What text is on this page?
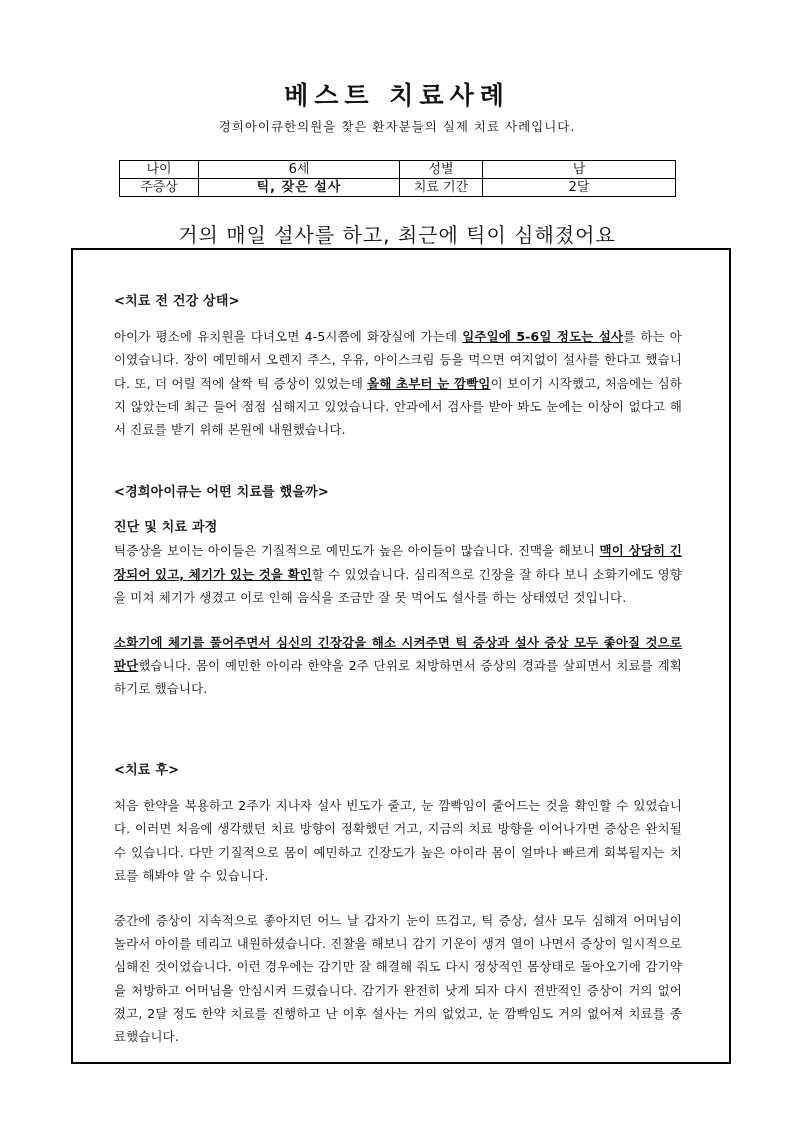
베스트 치료사례
경희아이큐한의원을 찾은 환자분들의 실제 치료 사례입니다.
나이	6세	성별	남
주증상	틱, 잦은 설사	치료 기간	2달
거의 매일 설사를 하고, 최근에 틱이 심해졌어요

<치료 전 건강 상태>

아이가 평소에 유치원을 다녀오면 4-5시쯤에 화장실에 가는데 일주일에 5-6일 정도는 설사를 하는 아이였습니다. 장이 예민해서 오렌지 주스, 우유, 아이스크림 등을 먹으면 여지없이 설사를 한다고 했습니다. 또, 더 어릴 적에 살짝 틱 증상이 있었는데 올해 초부터 눈 깜빡임이 보이기 시작했고, 처음에는 심하지 않았는데 최근 들어 점점 심해지고 있었습니다. 안과에서 검사를 받아 봐도 눈에는 이상이 없다고 해서 진료를 받기 위해 본원에 내원했습니다.

<경희아이큐는 어떤 치료를 했을까>

진단 및 치료 과정

틱증상을 보이는 아이들은 기질적으로 예민도가 높은 아이들이 많습니다. 진맥을 해보니 맥이 상당히 긴장되어 있고, 체기가 있는 것을 확인할 수 있었습니다. 심리적으로 긴장을 잘 하다 보니 소화기에도 영향을 미쳐 체기가 생겼고 이로 인해 음식을 조금만 잘 못 먹어도 설사를 하는 상태였던 것입니다.

소화기에 체기를 풀어주면서 심신의 긴장감을 해소 시켜주면 틱 증상과 설사 증상 모두 좋아질 것으로 판단했습니다. 몸이 예민한 아이라 한약을 2주 단위로 처방하면서 증상의 경과를 살피면서 치료를 계획하기로 했습니다.

<치료 후>

처음 한약을 복용하고 2주가 지나자 설사 빈도가 줄고, 눈 깜빡임이 줄어드는 것을 확인할 수 있었습니다. 이러면 처음에 생각했던 치료 방향이 정확했던 거고, 지금의 치료 방향을 이어나가면 증상은 완치될 수 있습니다. 다만 기질적으로 몸이 예민하고 긴장도가 높은 아이라 몸이 얼마나 빠르게 회복될지는 치료를 해봐야 알 수 있습니다.

중간에 증상이 지속적으로 좋아지던 어느 날 갑자기 눈이 뜨겁고, 틱 증상, 설사 모두 심해져 어머님이 놀라서 아이를 데리고 내원하셨습니다. 진찰을 해보니 감기 기운이 생겨 열이 나면서 증상이 일시적으로 심해진 것이었습니다. 이런 경우에는 감기만 잘 해결해 줘도 다시 정상적인 몸상태로 돌아오기에 감기약을 처방하고 어머님을 안심시켜 드렸습니다. 감기가 완전히 낫게 되자 다시 전반적인 증상이 거의 없어졌고, 2달 정도 한약 치료를 진행하고 난 이후 설사는 거의 없었고, 눈 깜빡임도 거의 없어져 치료를 종료했습니다.
